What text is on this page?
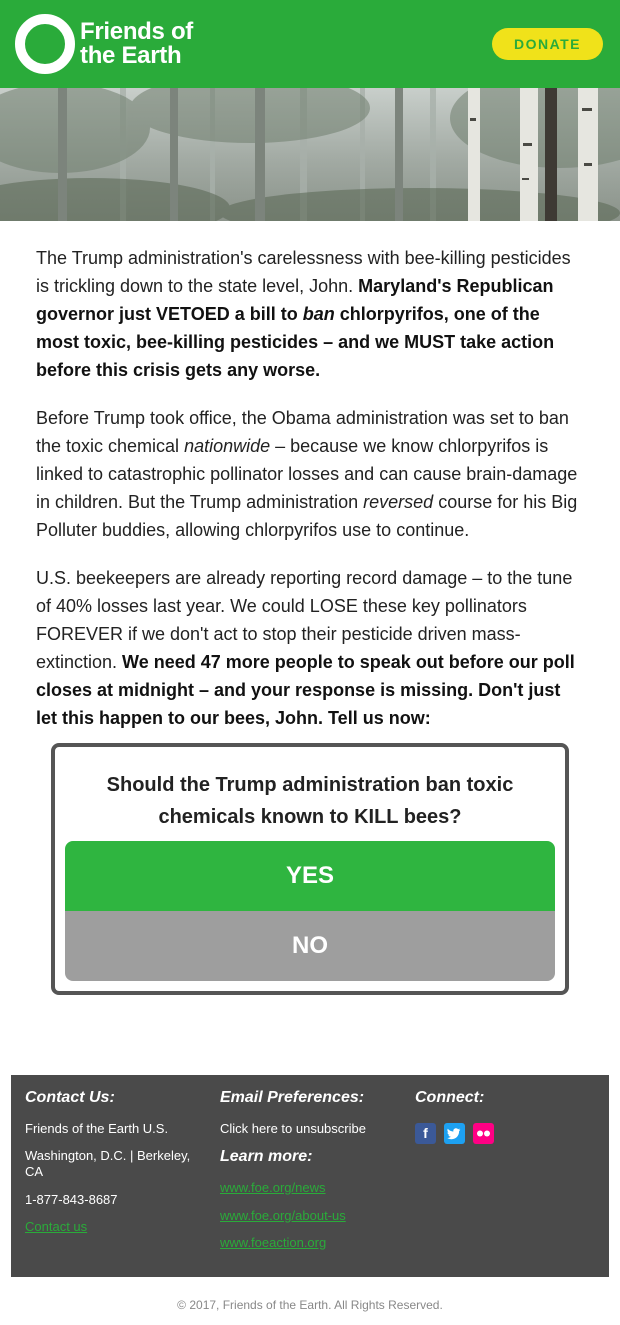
Friends of
the Earth	DONATE

The Trump administration's carelessness with bee-killing pesticides is trickling down to the state level, John. Maryland's Republican governor just VETOED a bill to ban chlorpyrifos, one of the most toxic, bee-killing pesticides – and we MUST take action before this crisis gets any worse.

Before Trump took office, the Obama administration was set to ban the toxic chemical nationwide – because we know chlorpyrifos is linked to catastrophic pollinator losses and can cause brain-damage in children. But the Trump administration reversed course for his Big Polluter buddies, allowing chlorpyrifos use to continue.

U.S. beekeepers are already reporting record damage – to the tune of 40% losses last year. We could LOSE these key pollinators FOREVER if we don't act to stop their pesticide driven mass-extinction. We need 47 more people to speak out before our poll closes at midnight – and your response is missing. Don't just let this happen to our bees, John. Tell us now:

Should the Trump administration ban toxic chemicals known to KILL bees?
YES
NO
Contact Us:
Friends of the Earth U.S.
Washington, D.C. | Berkeley, CA
1-877-843-8687
Contact us
Email Preferences:
Click here to unsubscribe
Learn more:
www.foe.org/news
www.foe.org/about-us
www.foeaction.org
Connect:
f
© 2017, Friends of the Earth. All Rights Reserved.
